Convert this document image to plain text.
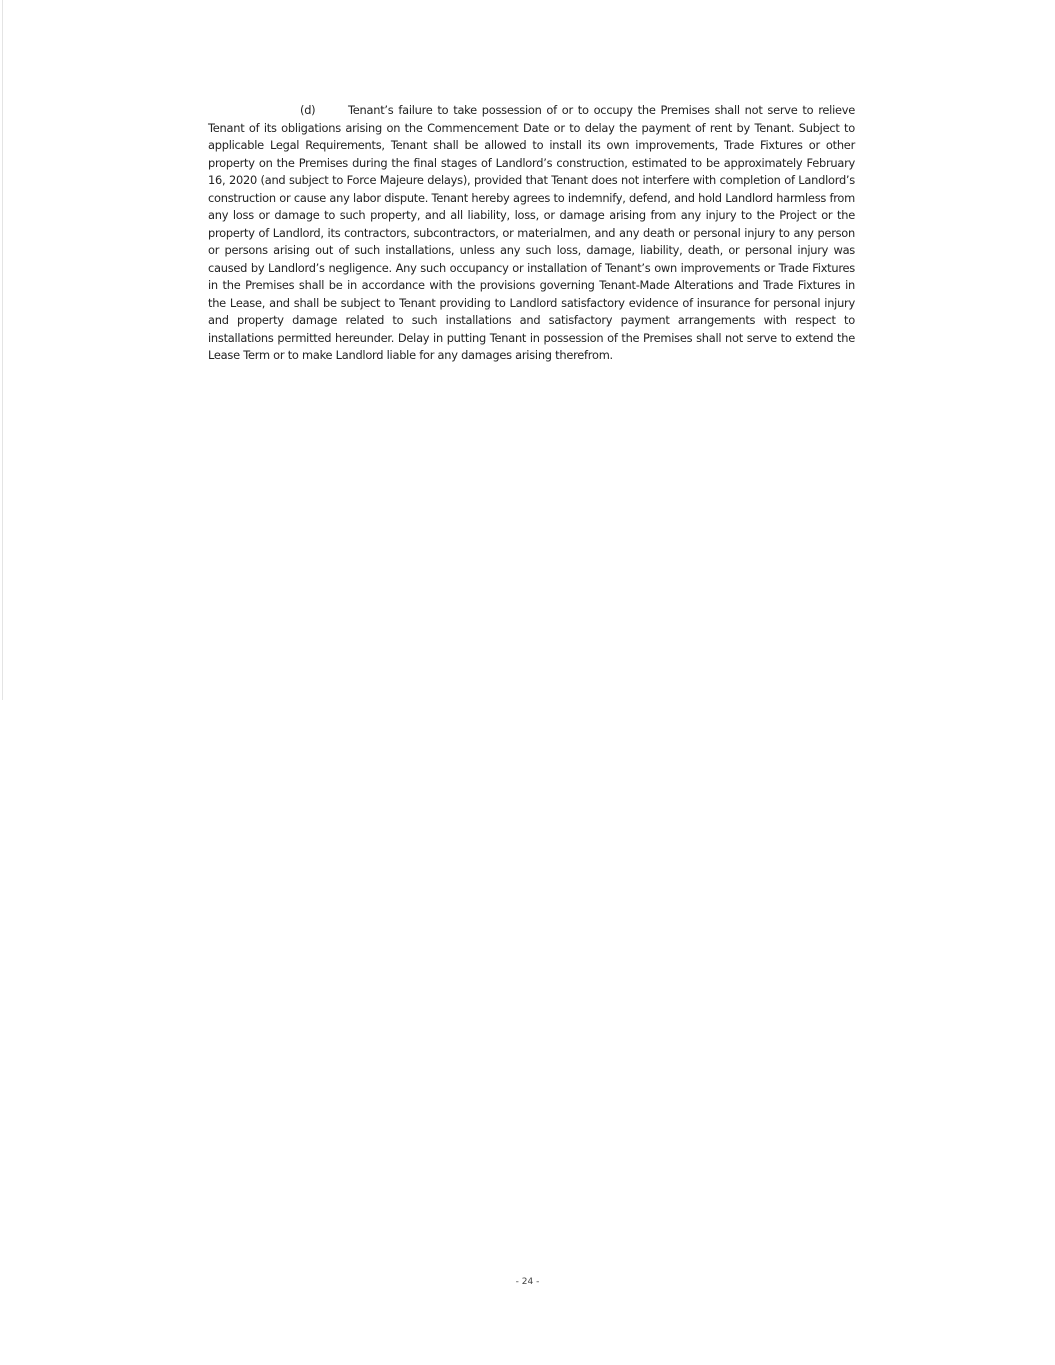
(d)	Tenant’s failure to take possession of or to occupy the Premises shall not serve to relieve Tenant of its obligations arising on the Commencement Date or to delay the payment of rent by Tenant. Subject to applicable Legal Requirements, Tenant shall be allowed to install its own improvements, Trade Fixtures or other property on the Premises during the final stages of Landlord’s construction, estimated to be approximately February 16, 2020 (and subject to Force Majeure delays), provided that Tenant does not interfere with completion of Landlord’s construction or cause any labor dispute. Tenant hereby agrees to indemnify, defend, and hold Landlord harmless from any loss or damage to such property, and all liability, loss, or damage arising from any injury to the Project or the property of Landlord, its contractors, subcontractors, or materialmen, and any death or personal injury to any person or persons arising out of such installations, unless any such loss, damage, liability, death, or personal injury was caused by Landlord’s negligence. Any such occupancy or installation of Tenant’s own improvements or Trade Fixtures in the Premises shall be in accordance with the provisions governing Tenant-Made Alterations and Trade Fixtures in the Lease, and shall be subject to Tenant providing to Landlord satisfactory evidence of insurance for personal injury and property damage related to such installations and satisfactory payment arrangements with respect to installations permitted hereunder. Delay in putting Tenant in possession of the Premises shall not serve to extend the Lease Term or to make Landlord liable for any damages arising therefrom.

- 24 -
